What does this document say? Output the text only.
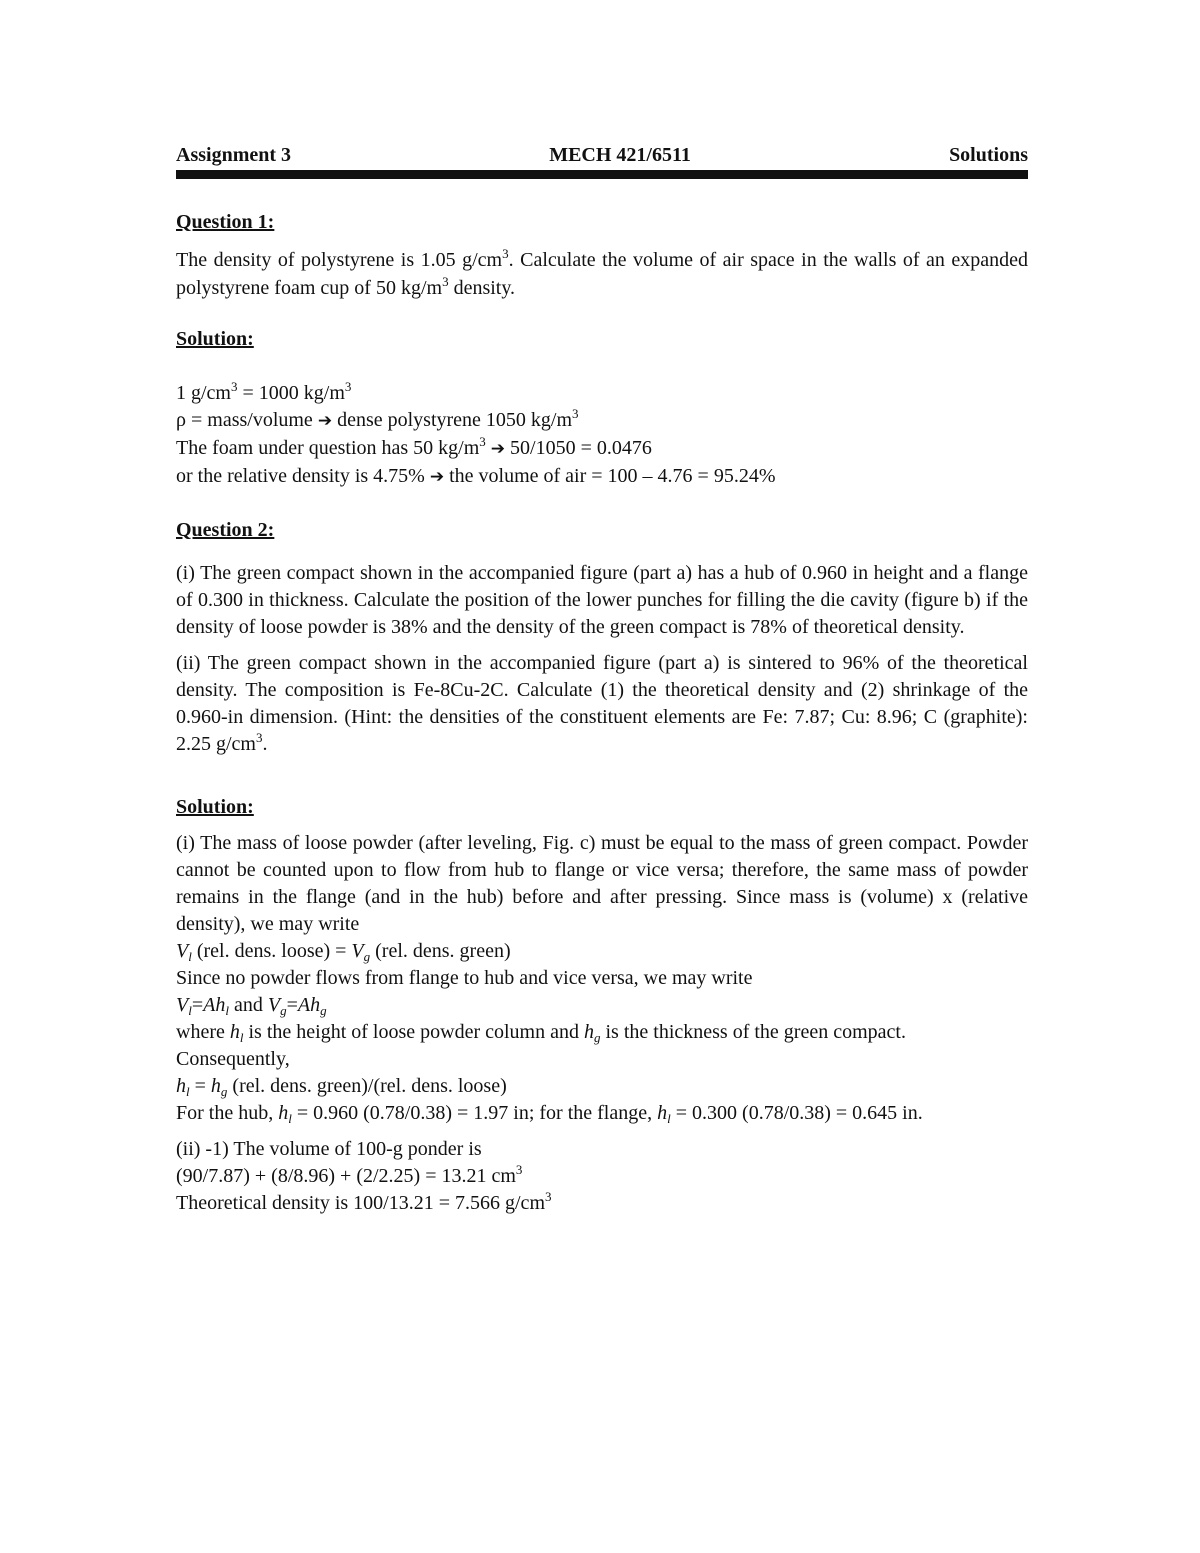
Assignment 3	MECH 421/6511	Solutions

Question 1:

The density of polystyrene is 1.05 $g/cm^3$. Calculate the volume of air space in the walls of an expanded polystyrene foam cup of 50 $kg/m^3$ density.

Solution:

1 $g/cm^3 = 1000$ $kg/m^3$

ρ = mass/volume ➔ dense polystyrene 1050 $kg/m^3$

The foam under question has 50 $kg/m^3$ ➔ 50/1050 = 0.0476

or the relative density is 4.75% ➔ the volume of air = 100 – 4.76 = 95.24%

Question 2:

(i) The green compact shown in the accompanied figure (part a) has a hub of 0.960 in height and a flange of 0.300 in thickness. Calculate the position of the lower punches for filling the die cavity (figure b) if the density of loose powder is 38% and the density of the green compact is 78% of theoretical density.

(ii) The green compact shown in the accompanied figure (part a) is sintered to 96% of the theoretical density. The composition is Fe-8Cu-2C. Calculate (1) the theoretical density and (2) shrinkage of the 0.960-in dimension. (Hint: the densities of the constituent elements are Fe: 7.87; Cu: 8.96; C (graphite): 2.25 $g/cm^3$.

Solution:

(i) The mass of loose powder (after leveling, Fig. c) must be equal to the mass of green compact. Powder cannot be counted upon to flow from hub to flange or vice versa; therefore, the same mass of powder remains in the flange (and in the hub) before and after pressing. Since mass is (volume) x (relative density), we may write

$V_l$ (rel. dens. loose) = $V_g$ (rel. dens. green)

Since no powder flows from flange to hub and vice versa, we may write

$V_l=Ah_l$ and $V_g=Ah_g$

where $h_l$ is the height of loose powder column and $h_g$ is the thickness of the green compact.

Consequently,

$h_l = h_g$ (rel. dens. green)/(rel. dens. loose)

For the hub, $h_l = 0.960$ (0.78/0.38) = 1.97 in; for the flange, $h_l = 0.300$ (0.78/0.38) = 0.645 in.

(ii) -1) The volume of 100-g ponder is

(90/7.87) + (8/8.96) + (2/2.25) = 13.21 $cm^3$

Theoretical density is 100/13.21 = 7.566 $g/cm^3$
